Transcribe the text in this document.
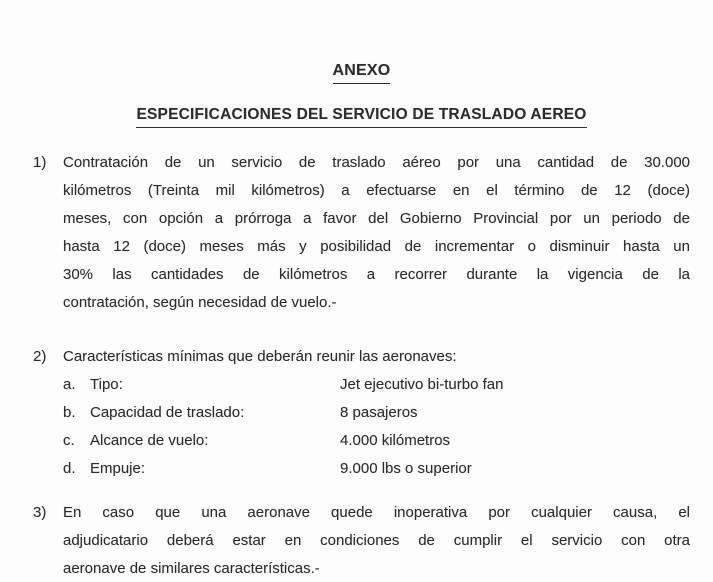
ANEXO
ESPECIFICACIONES DEL SERVICIO DE TRASLADO AEREO
1)	Contratación de un servicio de traslado aéreo por una cantidad de 30.000
kilómetros (Treinta mil kilómetros) a efectuarse en el término de 12 (doce)
meses, con opción a prórroga a favor del Gobierno Provincial por un periodo de
hasta 12 (doce) meses más y posibilidad de incrementar o disminuir hasta un
30% las cantidades de kilómetros a recorrer durante la vigencia de la
contratación, según necesidad de vuelo.-
2)	Características mínimas que deberán reunir las aeronaves:
a. Tipo:	Jet ejecutivo bi-turbo fan
b. Capacidad de traslado:	8 pasajeros
c.	Alcance de vuelo:	4.000 kilómetros
d. Empuje:	9.000 lbs o superior
3)	En caso que una aeronave quede inoperativa por cualquier causa, el
adjudicatario deberá estar en condiciones de cumplir el servicio con otra
aeronave de similares características.-
